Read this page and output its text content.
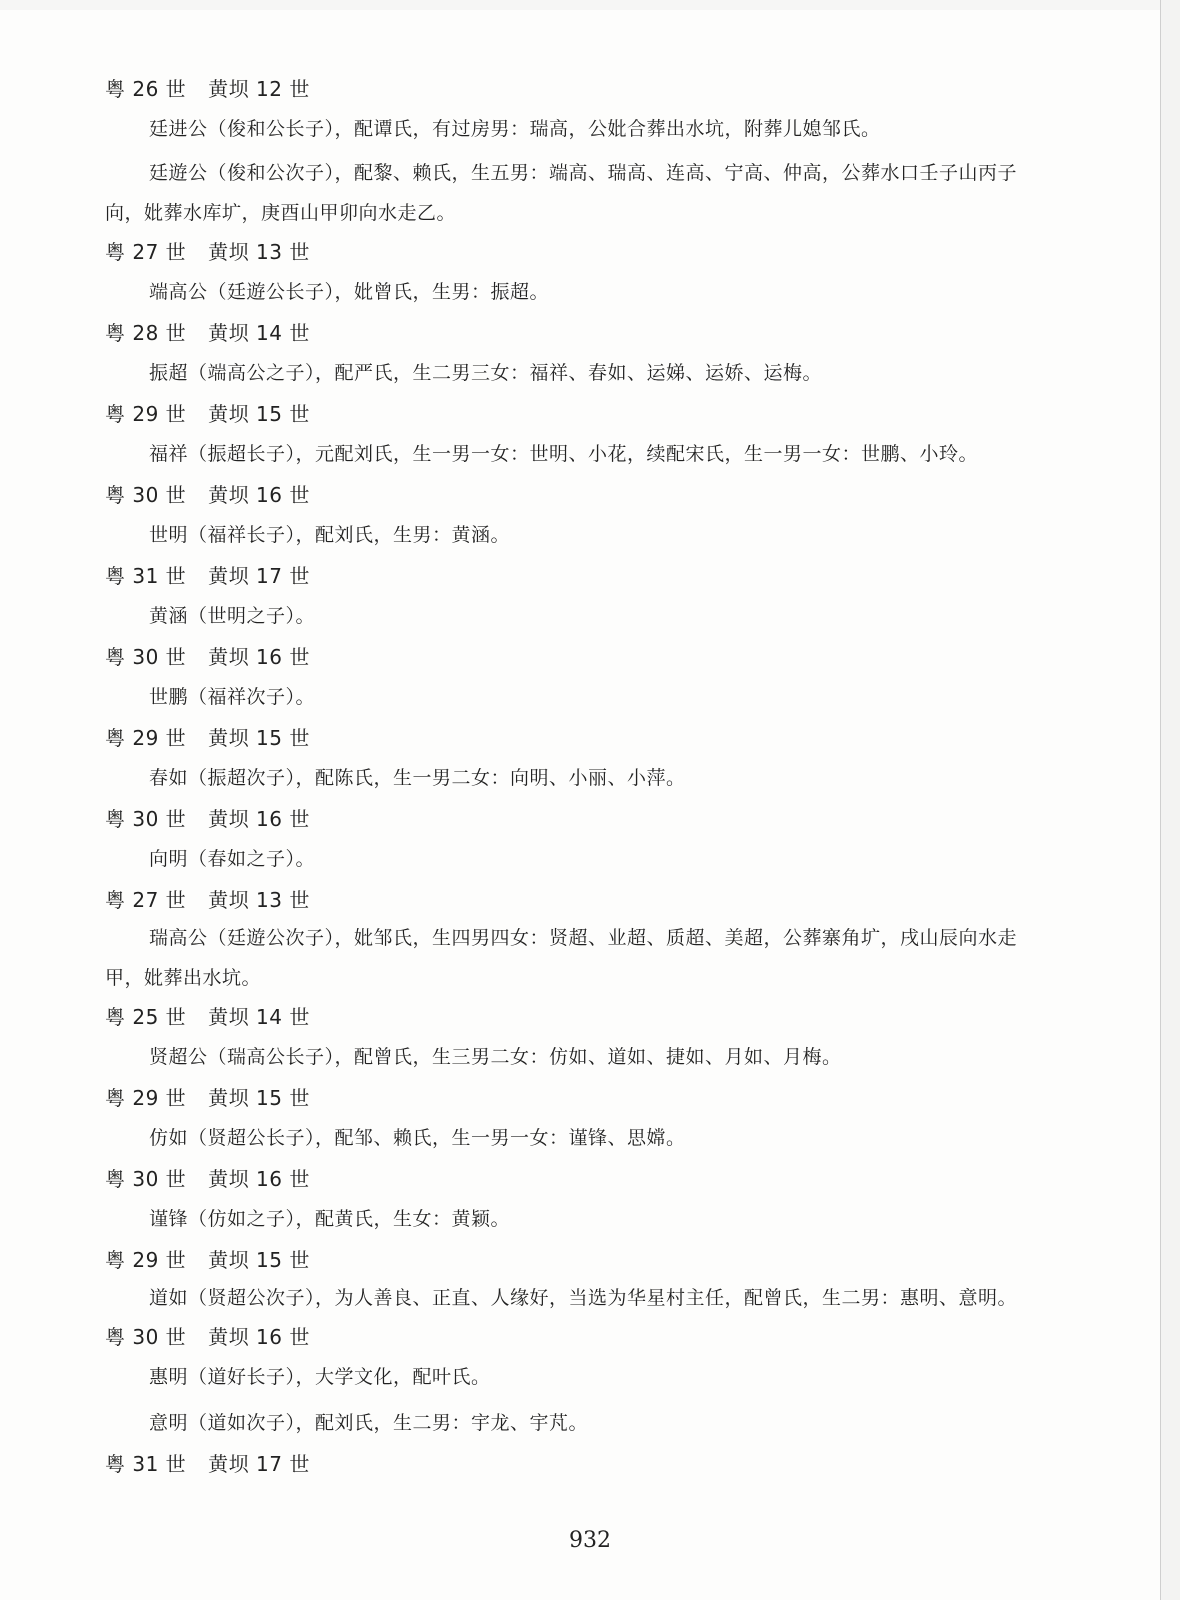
粤 26 世 黄坝 12 世
廷进公（俊和公长子），配谭氏，有过房男：瑞高，公妣合葬出水坑，附葬儿媳邹氏。
廷遊公（俊和公次子），配黎、赖氏，生五男：端高、瑞高、连高、宁高、仲高，公葬水口壬子山丙子向，妣葬水库圹，庚酉山甲卯向水走乙。
粤 27 世 黄坝 13 世
端高公（廷遊公长子），妣曾氏，生男：振超。
粤 28 世 黄坝 14 世
振超（端高公之子），配严氏，生二男三女：福祥、春如、运娣、运娇、运梅。
粤 29 世 黄坝 15 世
福祥（振超长子），元配刘氏，生一男一女：世明、小花，续配宋氏，生一男一女：世鹏、小玲。
粤 30 世 黄坝 16 世
世明（福祥长子），配刘氏，生男：黄涵。
粤 31 世 黄坝 17 世
黄涵（世明之子）。
粤 30 世 黄坝 16 世
世鹏（福祥次子）。
粤 29 世 黄坝 15 世
春如（振超次子），配陈氏，生一男二女：向明、小丽、小萍。
粤 30 世 黄坝 16 世
向明（春如之子）。
粤 27 世 黄坝 13 世
瑞高公（廷遊公次子），妣邹氏，生四男四女：贤超、业超、质超、美超，公葬寨角圹，戌山辰向水走甲，妣葬出水坑。
粤 25 世 黄坝 14 世
贤超公（瑞高公长子），配曾氏，生三男二女：仿如、道如、捷如、月如、月梅。
粤 29 世 黄坝 15 世
仿如（贤超公长子），配邹、赖氏，生一男一女：谨锋、思嫦。
粤 30 世 黄坝 16 世
谨锋（仿如之子），配黄氏，生女：黄颖。
粤 29 世 黄坝 15 世
道如（贤超公次子），为人善良、正直、人缘好，当选为华星村主任，配曾氏，生二男：惠明、意明。
粤 30 世 黄坝 16 世
惠明（道好长子），大学文化，配叶氏。
意明（道如次子），配刘氏，生二男：宇龙、宇芃。
粤 31 世 黄坝 17 世
932
